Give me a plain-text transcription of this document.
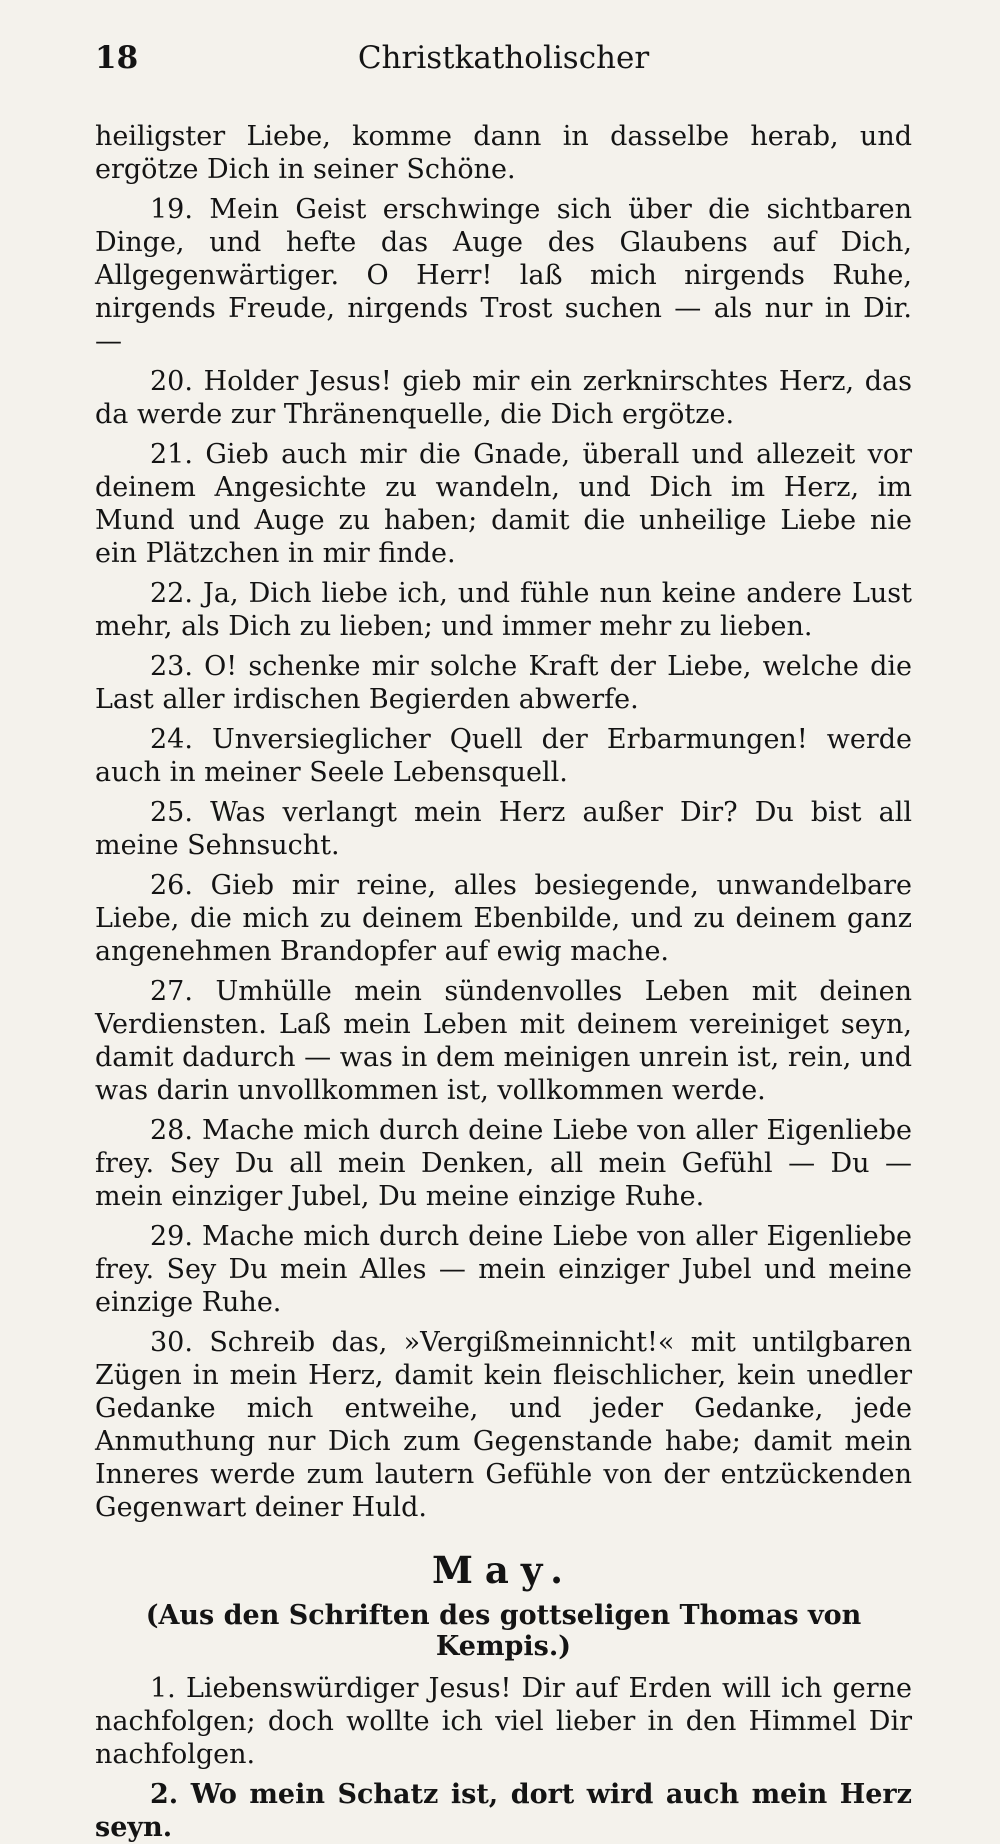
18	Christkatholischer

heiligster Liebe, komme dann in dasselbe herab, und ergötze Dich in seiner Schöne.

19. Mein Geist erschwinge sich über die sichtbaren Dinge, und hefte das Auge des Glaubens auf Dich, Allgegenwärtiger. O Herr! laß mich nirgends Ruhe, nirgends Freude, nirgends Trost suchen — als nur in Dir. —

20. Holder Jesus! gieb mir ein zerknirschtes Herz, das da werde zur Thränenquelle, die Dich ergötze.

21. Gieb auch mir die Gnade, überall und allezeit vor deinem Angesichte zu wandeln, und Dich im Herz, im Mund und Auge zu haben; damit die unheilige Liebe nie ein Plätzchen in mir finde.

22. Ja, Dich liebe ich, und fühle nun keine andere Lust mehr, als Dich zu lieben; und immer mehr zu lieben.

23. O! schenke mir solche Kraft der Liebe, welche die Last aller irdischen Begierden abwerfe.

24. Unversieglicher Quell der Erbarmungen! werde auch in meiner Seele Lebensquell.

25. Was verlangt mein Herz außer Dir? Du bist all meine Sehnsucht.

26. Gieb mir reine, alles besiegende, unwandelbare Liebe, die mich zu deinem Ebenbilde, und zu deinem ganz angenehmen Brandopfer auf ewig mache.

27. Umhülle mein sündenvolles Leben mit deinen Verdiensten. Laß mein Leben mit deinem vereiniget seyn, damit dadurch — was in dem meinigen unrein ist, rein, und was darin unvollkommen ist, vollkommen werde.

28. Mache mich durch deine Liebe von aller Eigenliebe frey. Sey Du all mein Denken, all mein Gefühl — Du — mein einziger Jubel, Du meine einzige Ruhe.

29. Mache mich durch deine Liebe von aller Eigenliebe frey. Sey Du mein Alles — mein einziger Jubel und meine einzige Ruhe.

30. Schreib das, »Vergißmeinnicht!« mit untilgbaren Zügen in mein Herz, damit kein fleischlicher, kein unedler Gedanke mich entweihe, und jeder Gedanke, jede Anmuthung nur Dich zum Gegenstande habe; damit mein Inneres werde zum lautern Gefühle von der entzückenden Gegenwart deiner Huld.

May.
(Aus den Schriften des gottseligen Thomas von Kempis.)

1. Liebenswürdiger Jesus! Dir auf Erden will ich gerne nachfolgen; doch wollte ich viel lieber in den Himmel Dir nachfolgen.

2. Wo mein Schatz ist, dort wird auch mein Herz seyn.
